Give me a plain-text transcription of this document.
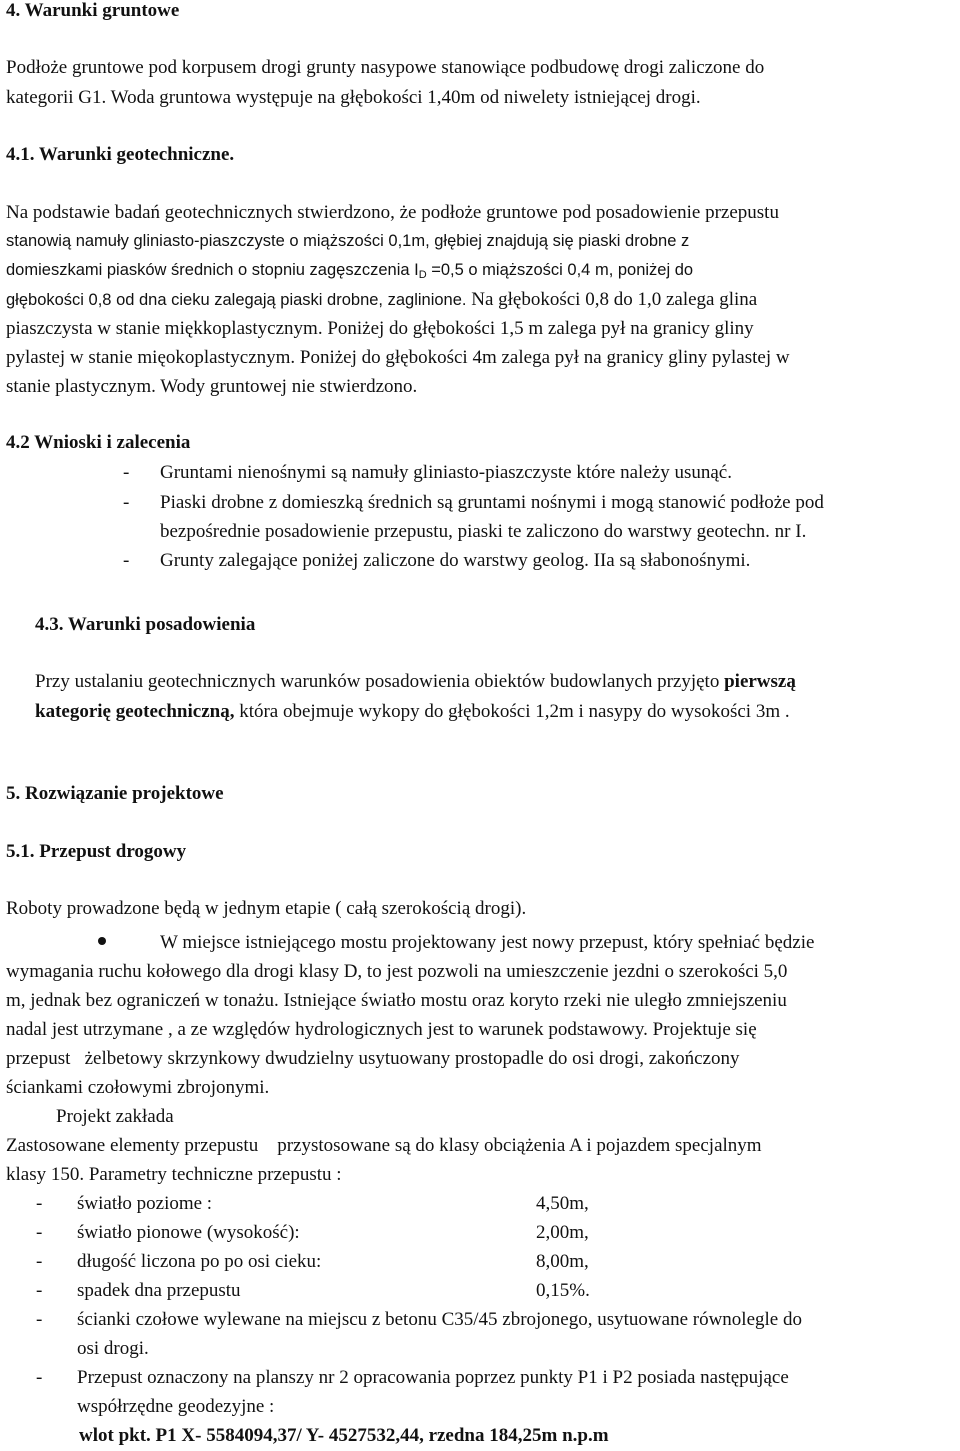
4. Warunki gruntowe
Podłoże gruntowe pod korpusem drogi grunty nasypowe stanowiące podbudowę drogi zaliczone do
kategorii G1. Woda gruntowa występuje na głębokości 1,40m od niwelety istniejącej drogi.
4.1. Warunki geotechniczne.
Na podstawie badań geotechnicznych stwierdzono, że podłoże gruntowe pod posadowienie przepustu
stanowią namuły gliniasto-piaszczyste o miąższości 0,1m, głębiej znajdują się piaski drobne z
domieszkami piasków średnich o stopniu zagęszczenia $I_D =0,5$ o miąższości 0,4 m, poniżej do
głębokości 0,8 od dna cieku zalegają piaski drobne, zaglinione. Na głębokości 0,8 do 1,0 zalega glina
piaszczysta w stanie miękkoplastycznym. Poniżej do głębokości 1,5 m zalega pył na granicy gliny
pylastej w stanie mięokoplastycznym. Poniżej do głębokości 4m zalega pył na granicy gliny pylastej w
stanie plastycznym. Wody gruntowej nie stwierdzono.
4.2 Wnioski i zalecenia
- Gruntami nienośnymi są namuły gliniasto-piaszczyste które należy usunąć.
- Piaski drobne z domieszką średnich są gruntami nośnymi i mogą stanowić podłoże pod
bezpośrednie posadowienie przepustu, piaski te zaliczono do warstwy geotechn. nr I.
- Grunty zalegające poniżej zaliczone do warstwy geolog. IIa są słabonośnymi.
4.3. Warunki posadowienia
Przy ustalaniu geotechnicznych warunków posadowienia obiektów budowlanych przyjęto pierwszą
kategorię geotechniczną, która obejmuje wykopy do głębokości 1,2m i nasypy do wysokości 3m .
5. Rozwiązanie projektowe
5.1. Przepust drogowy
Roboty prowadzone będą w jednym etapie ( całą szerokością drogi).
W miejsce istniejącego mostu projektowany jest nowy przepust, który spełniać będzie
wymagania ruchu kołowego dla drogi klasy D, to jest pozwoli na umieszczenie jezdni o szerokości 5,0
m, jednak bez ograniczeń w tonażu. Istniejące światło mostu oraz koryto rzeki nie uległo zmniejszeniu
nadal jest utrzymane , a ze względów hydrologicznych jest to warunek podstawowy. Projektuje się
przepust   żelbetowy skrzynkowy dwudzielny usytuowany prostopadle do osi drogi, zakończony
ściankami czołowymi zbrojonymi.
Projekt zakłada
Zastosowane elementy przepustu    przystosowane są do klasy obciążenia A i pojazdem specjalnym
klasy 150. Parametry techniczne przepustu :
- światło poziome :	4,50m,
- światło pionowe (wysokość):	2,00m,
- długość liczona po po osi cieku:	8,00m,
- spadek dna przepustu	0,15%.
- ścianki czołowe wylewane na miejscu z betonu C35/45 zbrojonego, usytuowane równolegle do
osi drogi.
- Przepust oznaczony na planszy nr 2 opracowania poprzez punkty P1 i P2 posiada następujące
współrzędne geodezyjne :
wlot pkt. P1 X- 5584094,37/ Y- 4527532,44, rzedna 184,25m n.p.m
